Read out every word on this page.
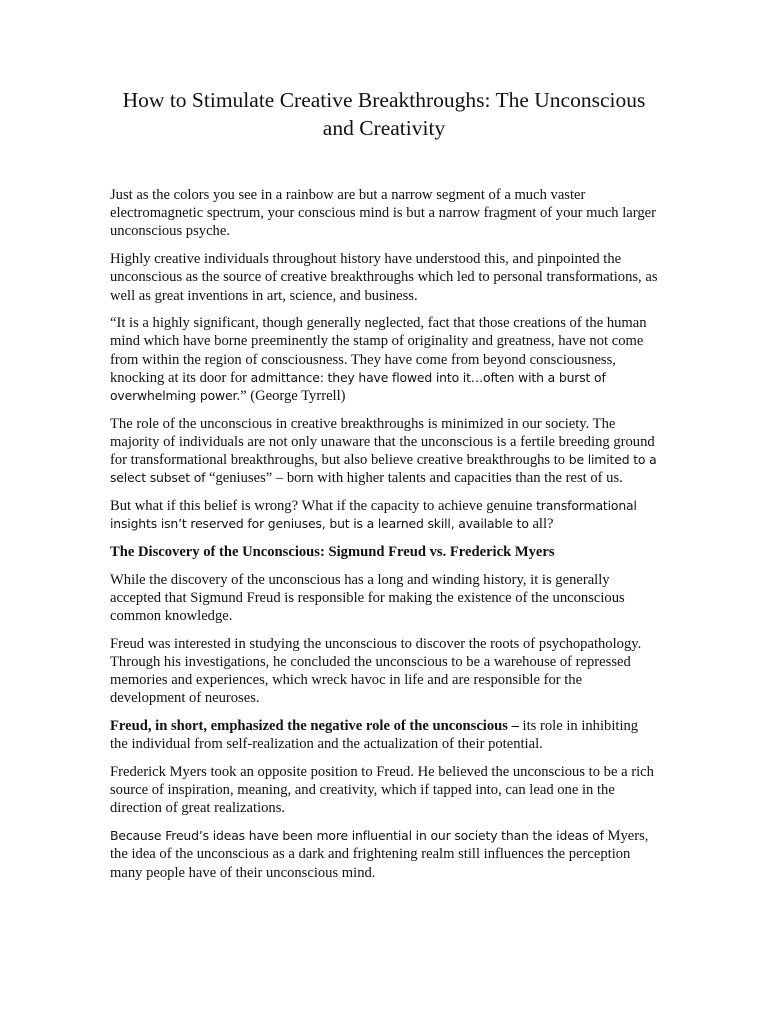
How to Stimulate Creative Breakthroughs: The Unconscious and Creativity

Just as the colors you see in a rainbow are but a narrow segment of a much vaster electromagnetic spectrum, your conscious mind is but a narrow fragment of your much larger unconscious psyche.

Highly creative individuals throughout history have understood this, and pinpointed the unconscious as the source of creative breakthroughs which led to personal transformations, as well as great inventions in art, science, and business.

“It is a highly significant, though generally neglected, fact that those creations of the human mind which have borne preeminently the stamp of originality and greatness, have not come from within the region of consciousness. They have come from beyond consciousness, knocking at its door for admittance: they have flowed into it…often with a burst of overwhelming power.” (George Tyrrell)

The role of the unconscious in creative breakthroughs is minimized in our society. The majority of individuals are not only unaware that the unconscious is a fertile breeding ground for transformational breakthroughs, but also believe creative breakthroughs to be limited to a select subset of “geniuses” – born with higher talents and capacities than the rest of us.

But what if this belief is wrong? What if the capacity to achieve genuine transformational insights isn’t reserved for geniuses, but is a learned skill, available to all?

The Discovery of the Unconscious: Sigmund Freud vs. Frederick Myers

While the discovery of the unconscious has a long and winding history, it is generally accepted that Sigmund Freud is responsible for making the existence of the unconscious common knowledge.

Freud was interested in studying the unconscious to discover the roots of psychopathology. Through his investigations, he concluded the unconscious to be a warehouse of repressed memories and experiences, which wreck havoc in life and are responsible for the development of neuroses.

Freud, in short, emphasized the negative role of the unconscious – its role in inhibiting the individual from self-realization and the actualization of their potential.

Frederick Myers took an opposite position to Freud. He believed the unconscious to be a rich source of inspiration, meaning, and creativity, which if tapped into, can lead one in the direction of great realizations.

Because Freud’s ideas have been more influential in our society than the ideas of Myers, the idea of the unconscious as a dark and frightening realm still influences the perception many people have of their unconscious mind.
